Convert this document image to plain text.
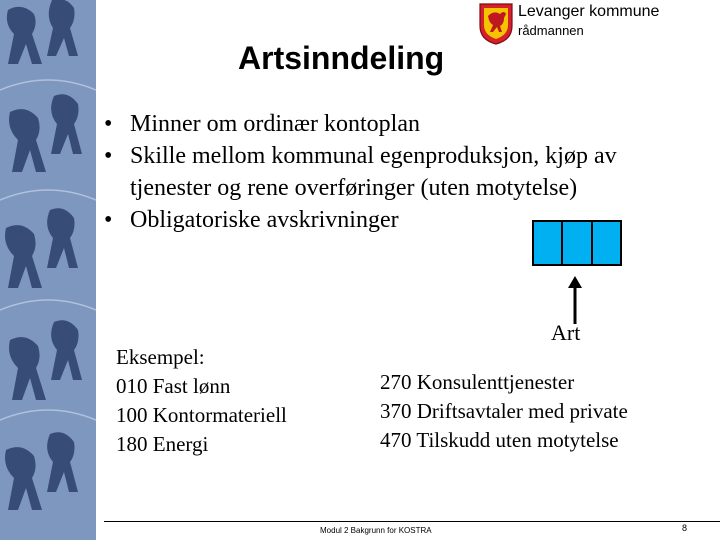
Artsinndeling
Levanger kommune
rådmannen
• Minner om ordinær kontoplan
• Skille mellom kommunal egenproduksjon, kjøp av tjenester og rene overføringer (uten motytelse)
• Obligatoriske avskrivninger
Art
Eksempel:
010 Fast lønn
100 Kontormateriell
180 Energi
270 Konsulenttjenester
370 Driftsavtaler med private
470 Tilskudd uten motytelse
Modul 2 Bakgrunn for KOSTRA	8
